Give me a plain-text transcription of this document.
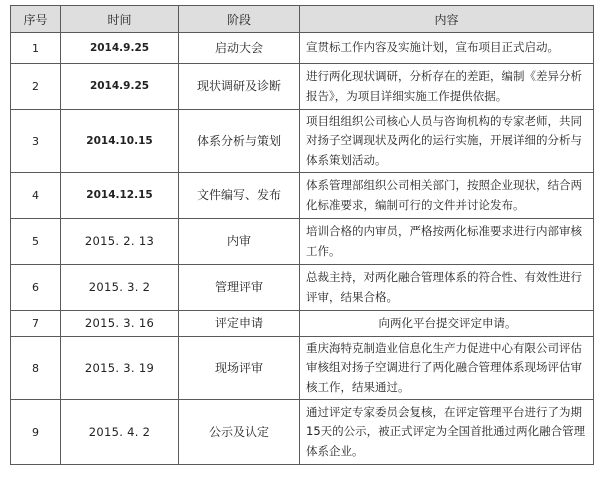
序号	时间	阶段	内容
1	2014.9.25	启动大会	宣贯标工作内容及实施计划，宣布项目正式启动。
2	2014.9.25	现状调研及诊断	进行两化现状调研，分析存在的差距，编制《差异分析报告》，为项目详细实施工作提供依据。
3	2014.10.15	体系分析与策划	项目组组织公司核心人员与咨询机构的专家老师，共同对扬子空调现状及两化的运行实施，开展详细的分析与体系策划活动。
4	2014.12.15	文件编写、发布	体系管理部组织公司相关部门，按照企业现状，结合两化标准要求，编制可行的文件并讨论发布。
5	2015. 2. 13	内审	培训合格的内审员，严格按两化标准要求进行内部审核工作。
6	2015. 3. 2	管理评审	总裁主持，对两化融合管理体系的符合性、有效性进行评审，结果合格。
7	2015. 3. 16	评定申请	向两化平台提交评定申请。
8	2015. 3. 19	现场评审	重庆海特克制造业信息化生产力促进中心有限公司评估审核组对扬子空调进行了两化融合管理体系现场评估审核工作，结果通过。
9	2015. 4. 2	公示及认定	通过评定专家委员会复核，在评定管理平台进行了为期15天的公示，被正式评定为全国首批通过两化融合管理体系企业。
